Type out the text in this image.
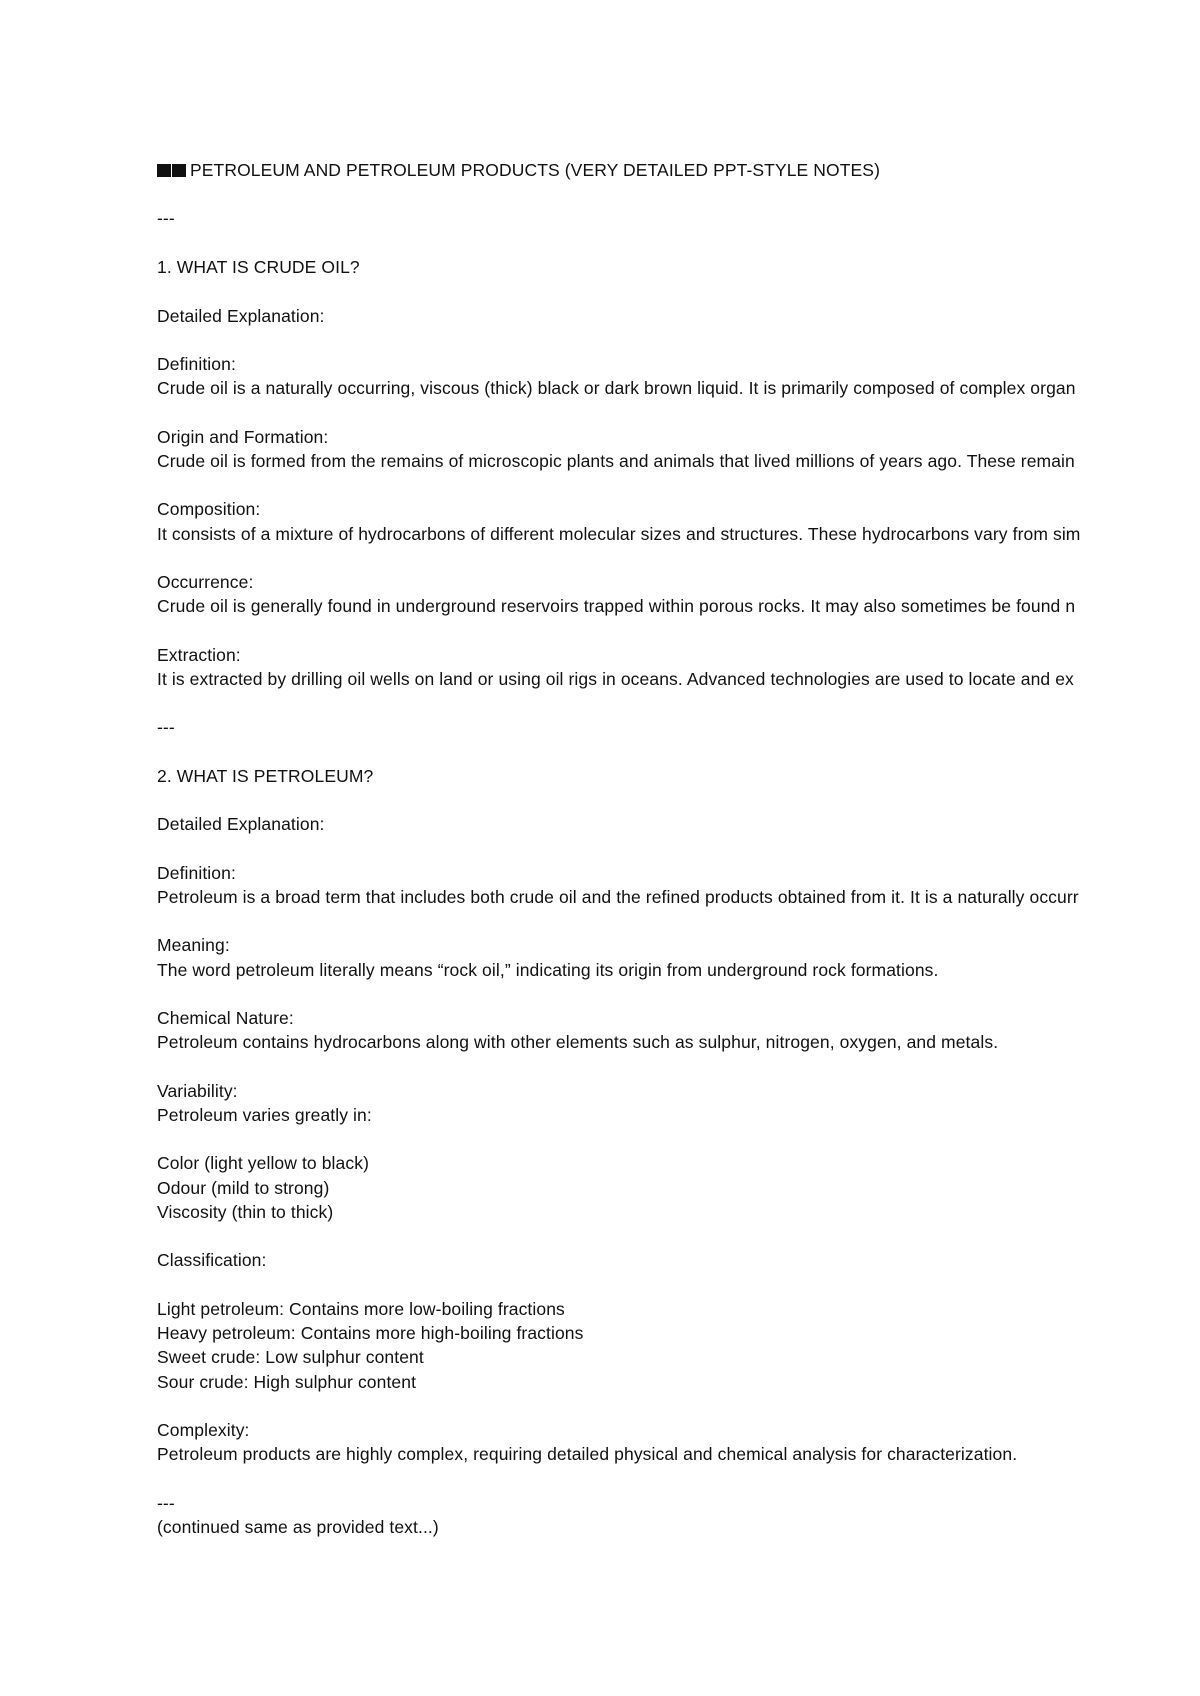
PETROLEUM AND PETROLEUM PRODUCTS (VERY DETAILED PPT-STYLE NOTES)
---
1. WHAT IS CRUDE OIL?
Detailed Explanation:
Definition:
Crude oil is a naturally occurring, viscous (thick) black or dark brown liquid. It is primarily composed of complex organ
Origin and Formation:
Crude oil is formed from the remains of microscopic plants and animals that lived millions of years ago. These remain
Composition:
It consists of a mixture of hydrocarbons of different molecular sizes and structures. These hydrocarbons vary from sim
Occurrence:
Crude oil is generally found in underground reservoirs trapped within porous rocks. It may also sometimes be found n
Extraction:
It is extracted by drilling oil wells on land or using oil rigs in oceans. Advanced technologies are used to locate and ex
---
2. WHAT IS PETROLEUM?
Detailed Explanation:
Definition:
Petroleum is a broad term that includes both crude oil and the refined products obtained from it. It is a naturally occurr
Meaning:
The word petroleum literally means “rock oil,” indicating its origin from underground rock formations.
Chemical Nature:
Petroleum contains hydrocarbons along with other elements such as sulphur, nitrogen, oxygen, and metals.
Variability:
Petroleum varies greatly in:
Color (light yellow to black)
Odour (mild to strong)
Viscosity (thin to thick)
Classification:
Light petroleum: Contains more low-boiling fractions
Heavy petroleum: Contains more high-boiling fractions
Sweet crude: Low sulphur content
Sour crude: High sulphur content
Complexity:
Petroleum products are highly complex, requiring detailed physical and chemical analysis for characterization.
---
(continued same as provided text...)
